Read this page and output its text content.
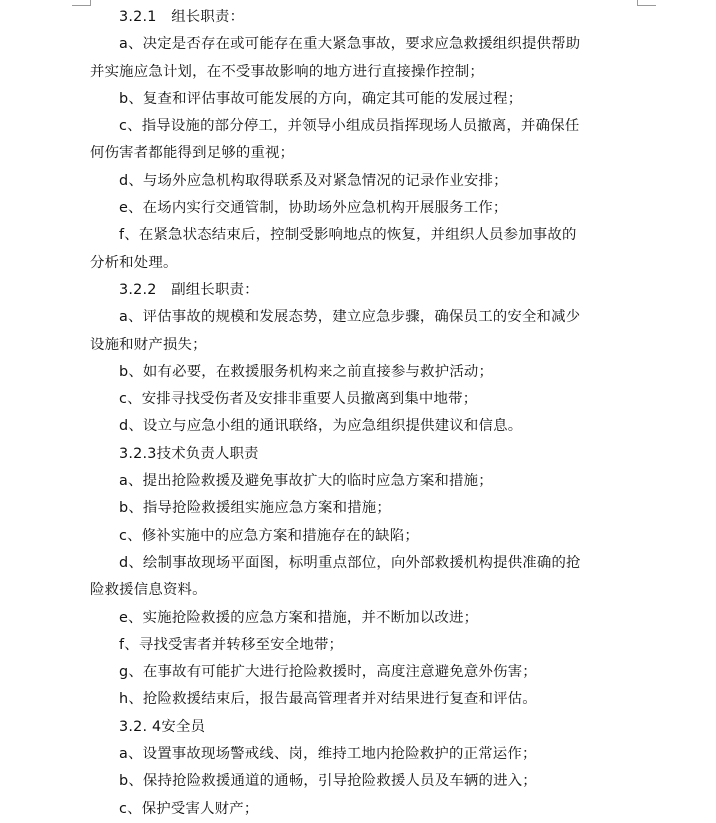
3.2.1　组长职责：
a、决定是否存在或可能存在重大紧急事故，要求应急救援组织提供帮助
并实施应急计划，在不受事故影响的地方进行直接操作控制；
b、复查和评估事故可能发展的方向，确定其可能的发展过程；
c、指导设施的部分停工，并领导小组成员指挥现场人员撤离，并确保任
何伤害者都能得到足够的重视；
d、与场外应急机构取得联系及对紧急情况的记录作业安排；
e、在场内实行交通管制，协助场外应急机构开展服务工作；
f、在紧急状态结束后，控制受影响地点的恢复，并组织人员参加事故的
分析和处理。
3.2.2　副组长职责：
a、评估事故的规模和发展态势，建立应急步骤，确保员工的安全和减少
设施和财产损失；
b、如有必要，在救援服务机构来之前直接参与救护活动；
c、安排寻找受伤者及安排非重要人员撤离到集中地带；
d、设立与应急小组的通讯联络，为应急组织提供建议和信息。
3.2.3技术负责人职责
a、提出抢险救援及避免事故扩大的临时应急方案和措施；
b、指导抢险救援组实施应急方案和措施；
c、修补实施中的应急方案和措施存在的缺陷；
d、绘制事故现场平面图，标明重点部位，向外部救援机构提供准确的抢
险救援信息资料。
e、实施抢险救援的应急方案和措施，并不断加以改进；
f、寻找受害者并转移至安全地带；
g、在事故有可能扩大进行抢险救援时，高度注意避免意外伤害；
h、抢险救援结束后，报告最高管理者并对结果进行复查和评估。
3.2. 4安全员
a、设置事故现场警戒线、岗，维持工地内抢险救护的正常运作；
b、保持抢险救援通道的通畅，引导抢险救援人员及车辆的进入；
c、保护受害人财产；
